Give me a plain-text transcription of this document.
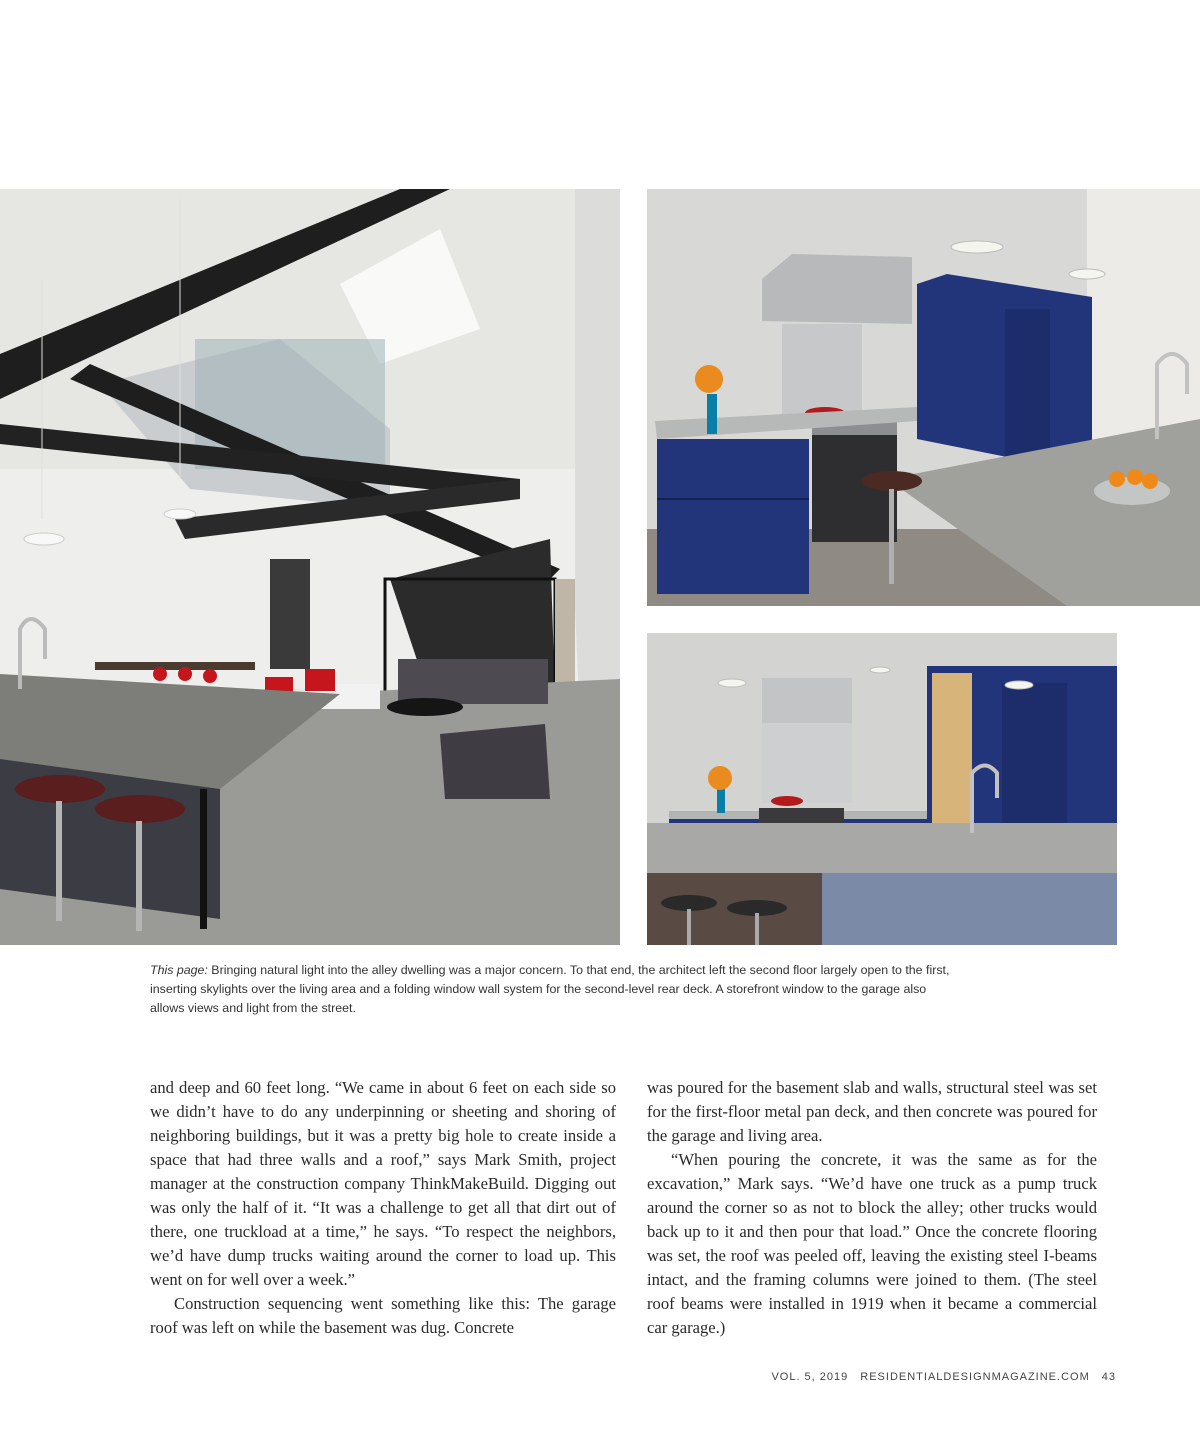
This page: Bringing natural light into the alley dwelling was a major concern. To that end, the architect left the second floor largely open to the first, inserting skylights over the living area and a folding window wall system for the second-level rear deck. A storefront window to the garage also allows views and light from the street.

and deep and 60 feet long. “We came in about 6 feet on each side so we didn’t have to do any underpinning or sheeting and shoring of neighboring buildings, but it was a pretty big hole to create inside a space that had three walls and a roof,” says Mark Smith, project manager at the construction company ThinkMakeBuild. Digging out was only the half of it. “It was a challenge to get all that dirt out of there, one truckload at a time,” he says. “To respect the neighbors, we’d have dump trucks waiting around the corner to load up. This went on for well over a week.”

Construction sequencing went something like this: The garage roof was left on while the basement was dug. Concrete

was poured for the basement slab and walls, structural steel was set for the first-floor metal pan deck, and then concrete was poured for the garage and living area.

“When pouring the concrete, it was the same as for the excavation,” Mark says. “We’d have one truck as a pump truck around the corner so as not to block the alley; other trucks would back up to it and then pour that load.” Once the concrete flooring was set, the roof was peeled off, leaving the existing steel I-beams intact, and the framing columns were joined to them. (The steel roof beams were installed in 1919 when it became a commercial car garage.)

VOL. 5, 2019 RESIDENTIALDESIGNMAGAZINE.COM 43
